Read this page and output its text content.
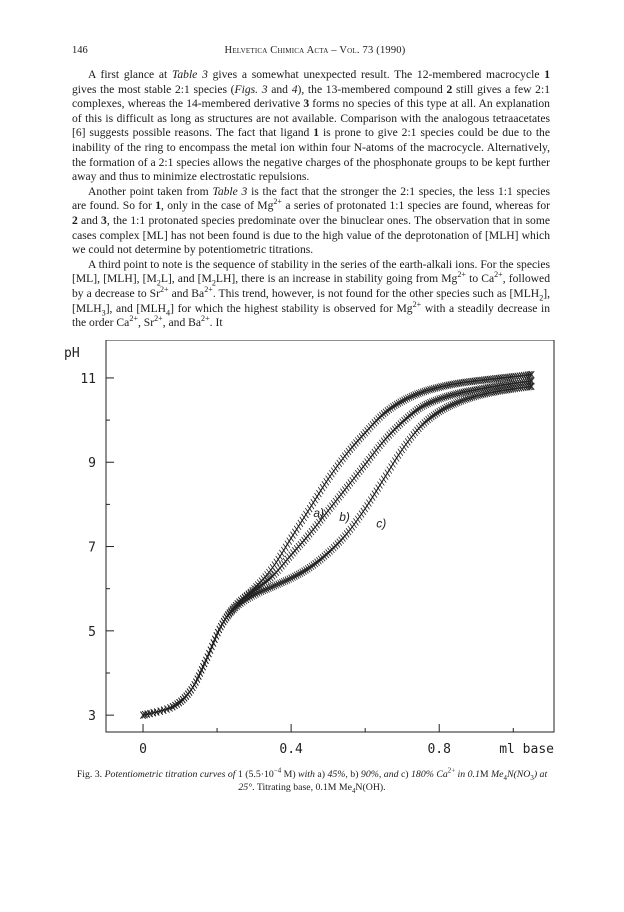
146	Helvetica Chimica Acta – Vol. 73 (1990)

A first glance at Table 3 gives a somewhat unexpected result. The 12-membered macrocycle 1 gives the most stable 2:1 species (Figs. 3 and 4), the 13-membered compound 2 still gives a few 2:1 complexes, whereas the 14-membered derivative 3 forms no species of this type at all. An explanation of this is difficult as long as structures are not available. Comparison with the analogous tetraacetates [6] suggests possible reasons. The fact that ligand 1 is prone to give 2:1 species could be due to the inability of the ring to encompass the metal ion within four N-atoms of the macrocycle. Alternatively, the formation of a 2:1 species allows the negative charges of the phosphonate groups to be kept further away and thus to minimize electrostatic repulsions.

Another point taken from Table 3 is the fact that the stronger the 2:1 species, the less 1:1 species are found. So for 1, only in the case of $Mg^{2+}$ a series of protonated 1:1 species are found, whereas for 2 and 3, the 1:1 protonated species predominate over the binuclear ones. The observation that in some cases complex [ML] has not been found is due to the high value of the deprotonation of [MLH] which we could not determine by potentiometric titrations.

A third point to note is the sequence of stability in the series of the earth-alkali ions. For the species [ML], [MLH], $[M_2L]$, and $[M_2LH]$, there is an increase in stability going from $Mg^{2+}$ to $Ca^{2+}$, followed by a decrease to $Sr^{2+}$ and $Ba^{2+}$. This trend, however, is not found for the other species such as $[MLH_2]$, $[MLH_3]$, and $[MLH_4]$ for which the highest stability is observed for $Mg^{2+}$ with a steadily decrease in the order $Ca^{2+}$, $Sr^{2+}$, and $Ba^{2+}$. It

3
5
7
9
11
0	0.4	0.8
pH
ml base
a) b) c)
Fig. 3. Potentiometric titration curves of 1 ($5.5\cdot 10^{-4}$ M) with a) 45%, b) 90%, and c) 180% $Ca^{2+}$ in 0.1M $Me_4N(NO_3)$ at 25°. Titrating base, 0.1M $Me_4N(OH)$.
